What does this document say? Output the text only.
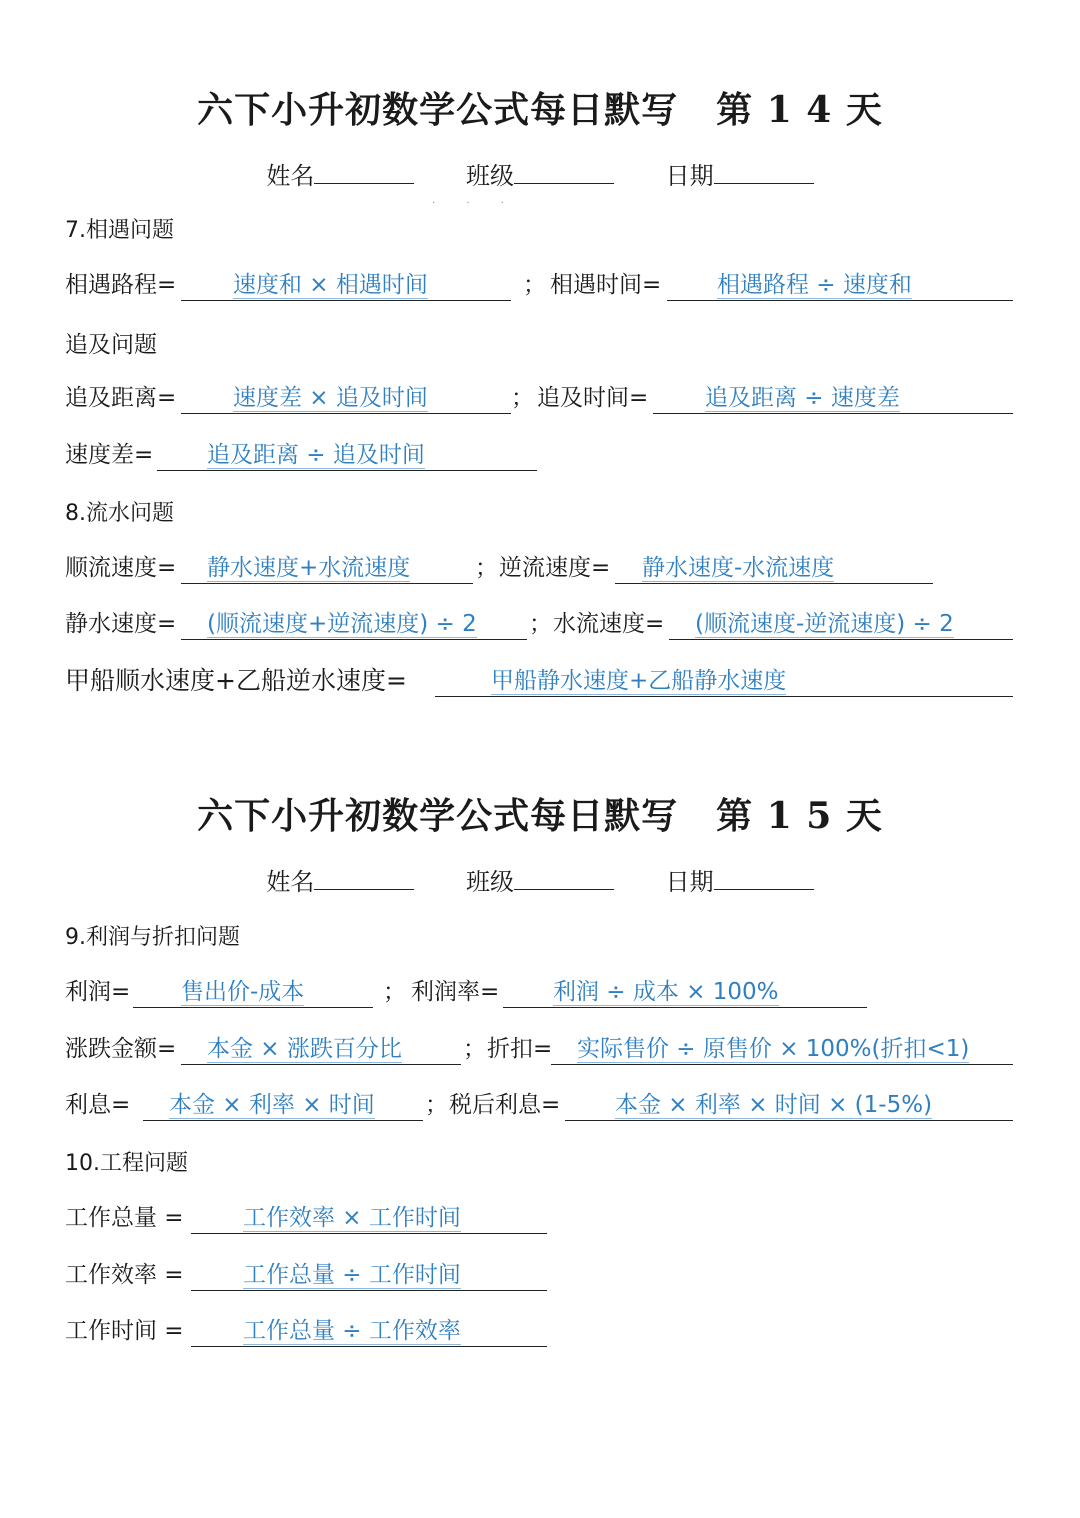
六下小升初数学公式每日默写 第 1 4 天
姓名	班级	日期
· · ·
7.相遇问题
相遇路程= 速度和 × 相遇时间	； 相遇时间= 相遇路程 ÷ 速度和
追及问题
追及距离= 速度差 × 追及时间	； 追及时间= 追及距离 ÷ 速度差
速度差= 追及距离 ÷ 追及时间
8.流水问题
顺流速度= 静水速度+水流速度	； 逆流速度= 静水速度-水流速度
静水速度= (顺流速度+逆流速度) ÷ 2 ； 水流速度= (顺流速度-逆流速度) ÷ 2
甲船顺水速度+乙船逆水速度=	甲船静水速度+乙船静水速度
六下小升初数学公式每日默写 第 1 5 天
姓名	班级	日期
9.利润与折扣问题
利润= 售出价-成本	； 利润率= 利润 ÷ 成本 × 100%
涨跌金额= 本金 × 涨跌百分比	； 折扣= 实际售价 ÷ 原售价 × 100%(折扣<1)
利息= 本金 × 利率 × 时间 ； 税后利息= 本金 × 利率 × 时间 × (1-5%)
10.工程问题
工作总量 =	工作效率 × 工作时间
工作效率 =	工作总量 ÷ 工作时间
工作时间 =	工作总量 ÷ 工作效率
